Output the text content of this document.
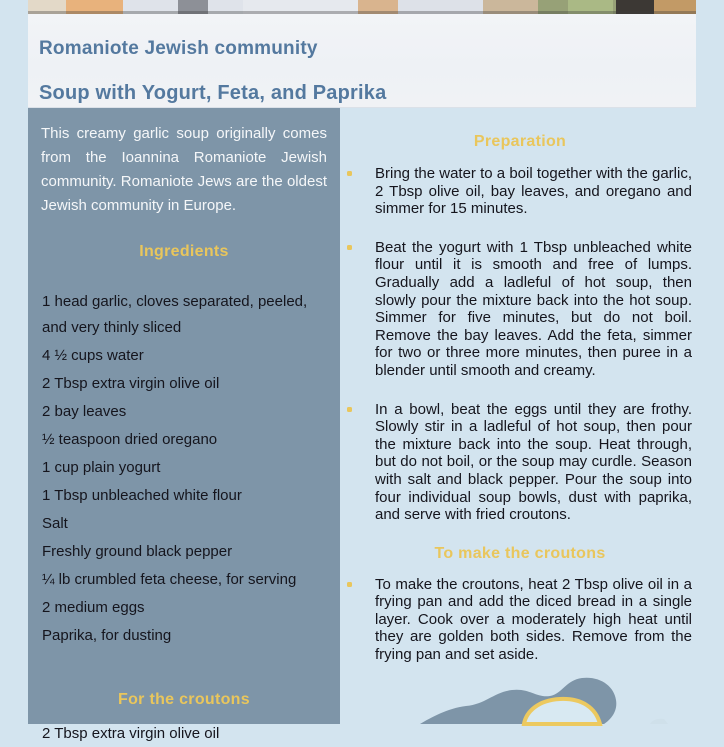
Romaniote Jewish community
Soup with Yogurt, Feta, and Paprika

This creamy garlic soup originally comes from the Ioannina Romaniote Jewish community. Romaniote Jews are the oldest Jewish community in Europe.

Ingredients
1 head garlic, cloves separated, peeled, and very thinly sliced
4 ½ cups water
2 Tbsp extra virgin olive oil
2 bay leaves
½ teaspoon dried oregano
1 cup plain yogurt
1 Tbsp unbleached white flour
Salt
Freshly ground black pepper
¼ lb crumbled feta cheese, for serving
2 medium eggs
Paprika, for dusting
For the croutons
2 Tbsp extra virgin olive oil
Preparation
Bring the water to a boil together with the garlic, 2 Tbsp olive oil, bay leaves, and oregano and simmer for 15 minutes.
Beat the yogurt with 1 Tbsp unbleached white flour until it is smooth and free of lumps. Gradually add a ladleful of hot soup, then slowly pour the mixture back into the hot soup. Simmer for five minutes, but do not boil. Remove the bay leaves. Add the feta, simmer for two or three more minutes, then puree in a blender until smooth and creamy.
In a bowl, beat the eggs until they are frothy. Slowly stir in a ladleful of hot soup, then pour the mixture back into the soup. Heat through, but do not boil, or the soup may curdle. Season with salt and black pepper. Pour the soup into four individual soup bowls, dust with paprika, and serve with fried croutons.
To make the croutons
To make the croutons, heat 2 Tbsp olive oil in a frying pan and add the diced bread in a single layer. Cook over a moderately high heat until they are golden both sides. Remove from the frying pan and set aside.
